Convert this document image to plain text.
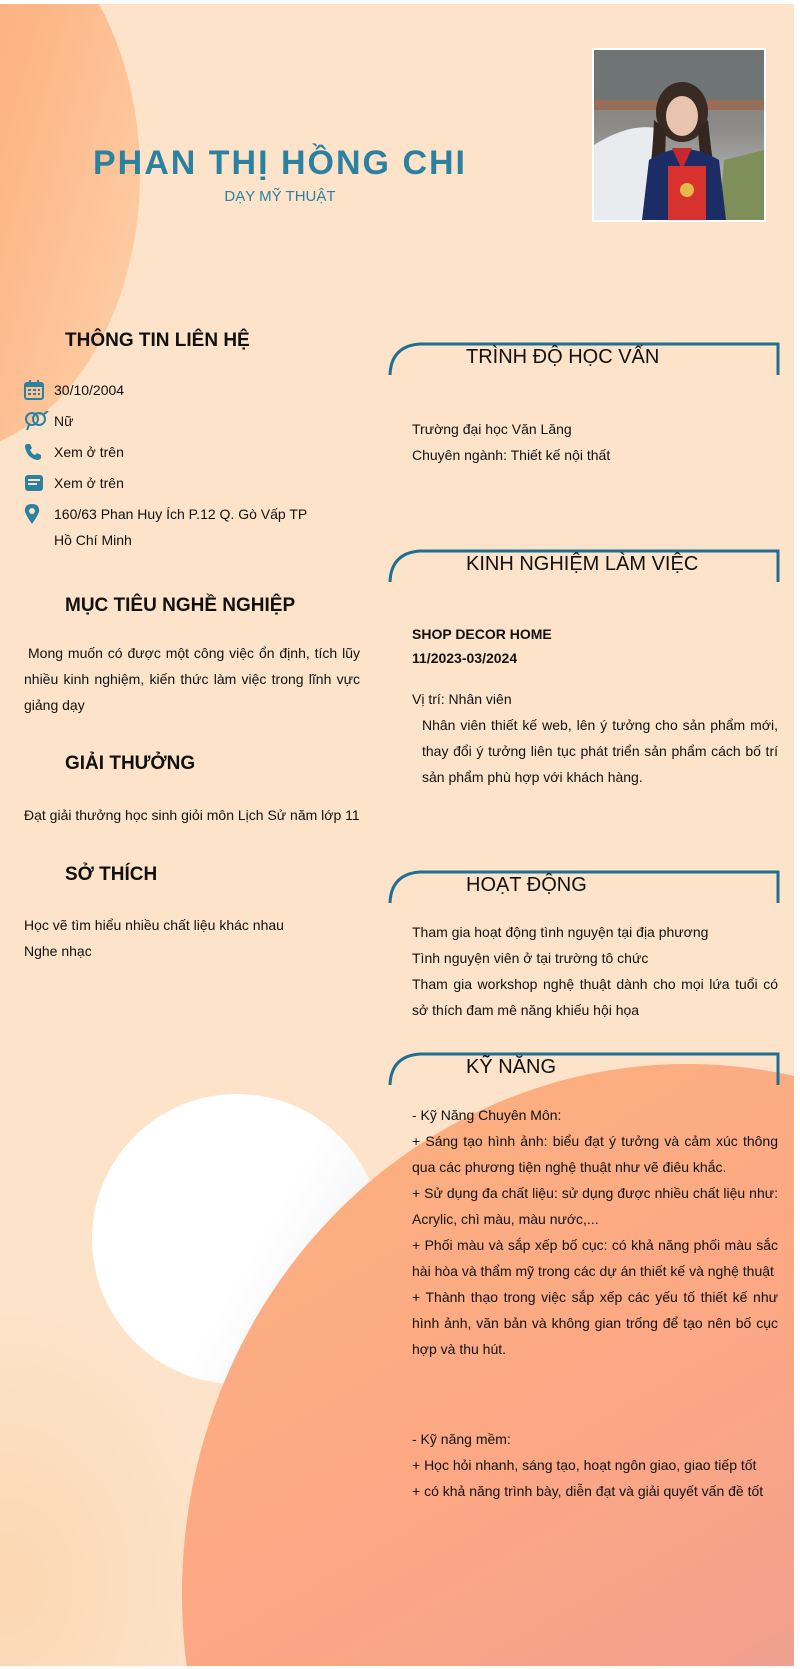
PHAN THỊ HỒNG CHI
DẠY MỸ THUẬT
THÔNG TIN LIÊN HỆ
30/10/2004
Nữ
Xem ở trên
Xem ở trên
160/63 Phan Huy Ích P.12 Q. Gò Vấp TP
Hồ Chí Minh
MỤC TIÊU NGHỀ NGHIỆP
Mong muốn có được một công việc ổn định, tích lũy nhiều kinh nghiệm, kiến thức làm việc trong lĩnh vực giảng dạy
GIẢI THƯỞNG
Đạt giải thưởng học sinh giỏi môn Lịch Sử năm lớp 11
SỞ THÍCH
Học vẽ tìm hiểu nhiều chất liệu khác nhau
Nghe nhạc
TRÌNH ĐỘ HỌC VẤN
Trường đại học Văn Lăng
Chuyên ngành: Thiết kế nội thất
KINH NGHIỆM LÀM VIỆC
SHOP DECOR HOME
11/2023-03/2024
Vị trí: Nhân viên
Nhân viên thiết kế web, lên ý tưởng cho sản phẩm mới, thay đổi ý tưởng liên tục phát triển sản phẩm cách bố trí sản phẩm phù hợp với khách hàng.
HOẠT ĐỘNG
Tham gia hoạt động tình nguyện tại địa phương
Tình nguyện viên ở tại trường tô chức
Tham gia workshop nghệ thuật dành cho mọi lứa tuổi có sở thích đam mê năng khiếu hội họa
KỸ NĂNG
- Kỹ Năng Chuyên Môn:
+ Sáng tạo hình ảnh: biểu đạt ý tưởng và cảm xúc thông qua các phương tiện nghệ thuật như vẽ điêu khắc.
+ Sử dụng đa chất liệu: sử dụng được nhiều chất liệu như: Acrylic, chì màu, màu nước,...
+ Phối màu và sắp xếp bố cục: có khả năng phối màu sắc hài hòa và thẩm mỹ trong các dự án thiết kế và nghệ thuật
+ Thành thạo trong việc sắp xếp các yếu tố thiết kế như hình ảnh, văn bản và không gian trống để tạo nên bố cục hợp và thu hút.
- Kỹ năng mềm:
+ Học hỏi nhanh, sáng tạo, hoạt ngôn giao, giao tiếp tốt
+ có khả năng trình bày, diễn đạt và giải quyết vấn đề tốt
